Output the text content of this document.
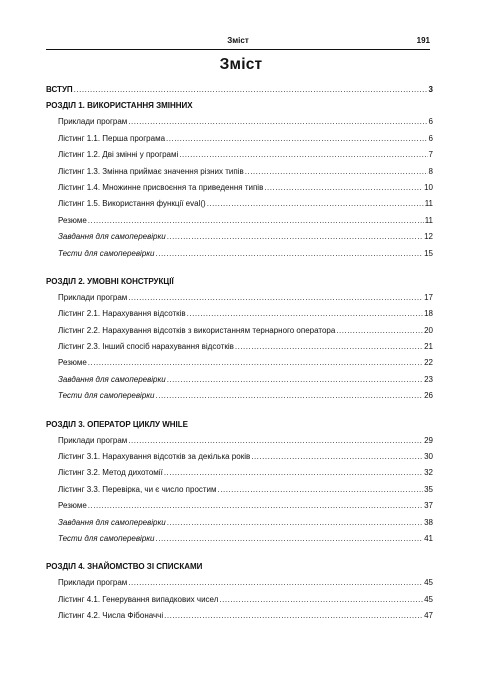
Зміст	191
Зміст
ВСТУП .....	3
РОЗДІЛ 1. ВИКОРИСТАННЯ ЗМІННИХ
Приклади програм .....	6
Лістинг 1.1. Перша програма .....	6
Лістинг 1.2. Дві змінні у програмі .....	7
Лістинг 1.3. Змінна приймає значення різних типів .....	8
Лістинг 1.4. Множинне присвоєння та приведення типів .....	10
Лістинг 1.5. Використання функції eval() .....	11
Резюме .....	11
Завдання для самоперевірки .....	12
Тести для самоперевірки .....	15
РОЗДІЛ 2. УМОВНІ КОНСТРУКЦІЇ
Приклади програм .....	17
Лістинг 2.1. Нарахування відсотків .....	18
Лістинг 2.2. Нарахування відсотків з використанням тернарного оператора .....	20
Лістинг 2.3. Інший спосіб нарахування відсотків .....	21
Резюме .....	22
Завдання для самоперевірки .....	23
Тести для самоперевірки .....	26
РОЗДІЛ 3. ОПЕРАТОР ЦИКЛУ WHILE
Приклади програм .....	29
Лістинг 3.1. Нарахування відсотків за декілька років .....	30
Лістинг 3.2. Метод дихотомії .....	32
Лістинг 3.3. Перевірка, чи є число простим .....	35
Резюме .....	37
Завдання для самоперевірки .....	38
Тести для самоперевірки .....	41
РОЗДІЛ 4. ЗНАЙОМСТВО ЗІ СПИСКАМИ
Приклади програм .....	45
Лістинг 4.1. Генерування випадкових чисел .....	45
Лістинг 4.2. Числа Фібоначчі .....	47
